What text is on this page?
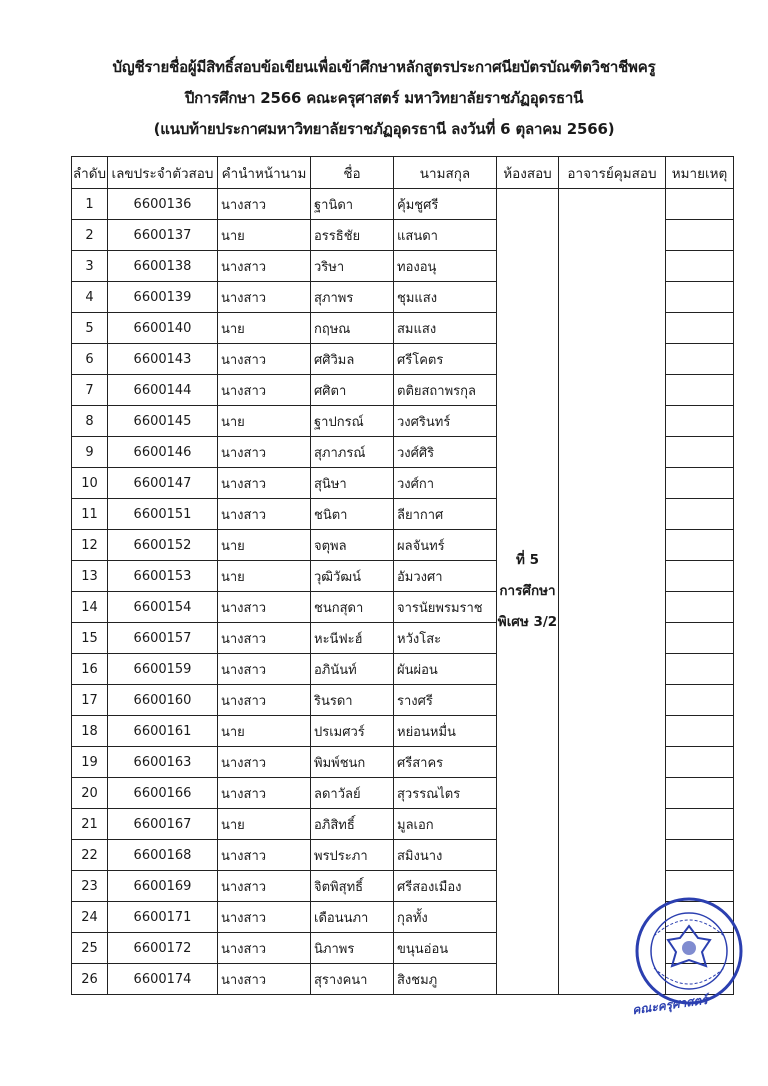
บัญชีรายชื่อผู้มีสิทธิ์สอบข้อเขียนเพื่อเข้าศึกษาหลักสูตรประกาศนียบัตรบัณฑิตวิชาชีพครู
ปีการศึกษา 2566 คณะครุศาสตร์ มหาวิทยาลัยราชภัฏอุดรธานี
(แนบท้ายประกาศมหาวิทยาลัยราชภัฏอุดรธานี ลงวันที่ 6 ตุลาคม 2566)
ลำดับ	เลขประจำตัวสอบ	คำนำหน้านาม	ชื่อ	นามสกุล	ห้องสอบ	อาจารย์คุมสอบ	หมายเหตุ
1	6600136	นางสาว	ฐานิดา	คุ้มชูศรี	ที่ 5
การศึกษา
พิเศษ 3/2		

2	6600137	นาย	อรรธิชัย	แสนดา			
3	6600138	นางสาว	วริษา	ทองอนุ			
4	6600139	นางสาว	สุภาพร	ชุมแสง			
5	6600140	นาย	กฤษณ	สมแสง			
6	6600143	นางสาว	ศศิวิมล	ศรีโคตร			
7	6600144	นางสาว	ศศิตา	ตติยสถาพรกุล			
8	6600145	นาย	ฐาปกรณ์	วงศรินทร์			
9	6600146	นางสาว	สุภาภรณ์	วงศ์ศิริ			
10	6600147	นางสาว	สุนิษา	วงศ์กา			
11	6600151	นางสาว	ชนิตา	ลียากาศ			
12	6600152	นาย	จตุพล	ผลจันทร์			
13	6600153	นาย	วุฒิวัฒน์	อัมวงศา			
14	6600154	นางสาว	ชนกสุดา	จารนัยพรมราช			
15	6600157	นางสาว	หะนีฟะฮ์	หวังโสะ			
16	6600159	นางสาว	อภินันท์	ผันผ่อน			
17	6600160	นางสาว	รินรดา	รางศรี			
18	6600161	นาย	ปรเมศวร์	หย่อนหมื่น			
19	6600163	นางสาว	พิมพ์ชนก	ศรีสาคร			
20	6600166	นางสาว	ลดาวัลย์	สุวรรณไตร			
21	6600167	นาย	อภิสิทธิ์	มูลเอก			
22	6600168	นางสาว	พรประภา	สมิงนาง			
23	6600169	นางสาว	จิตพิสุทธิ์	ศรีสองเมือง			
24	6600171	นางสาว	เดือนนภา	กุลทั้ง			
25	6600172	นางสาว	นิภาพร	ขนุนอ่อน			
26	6600174	นางสาว	สุรางคนา	สิงชมภู			
คณะครุศาสตร์
